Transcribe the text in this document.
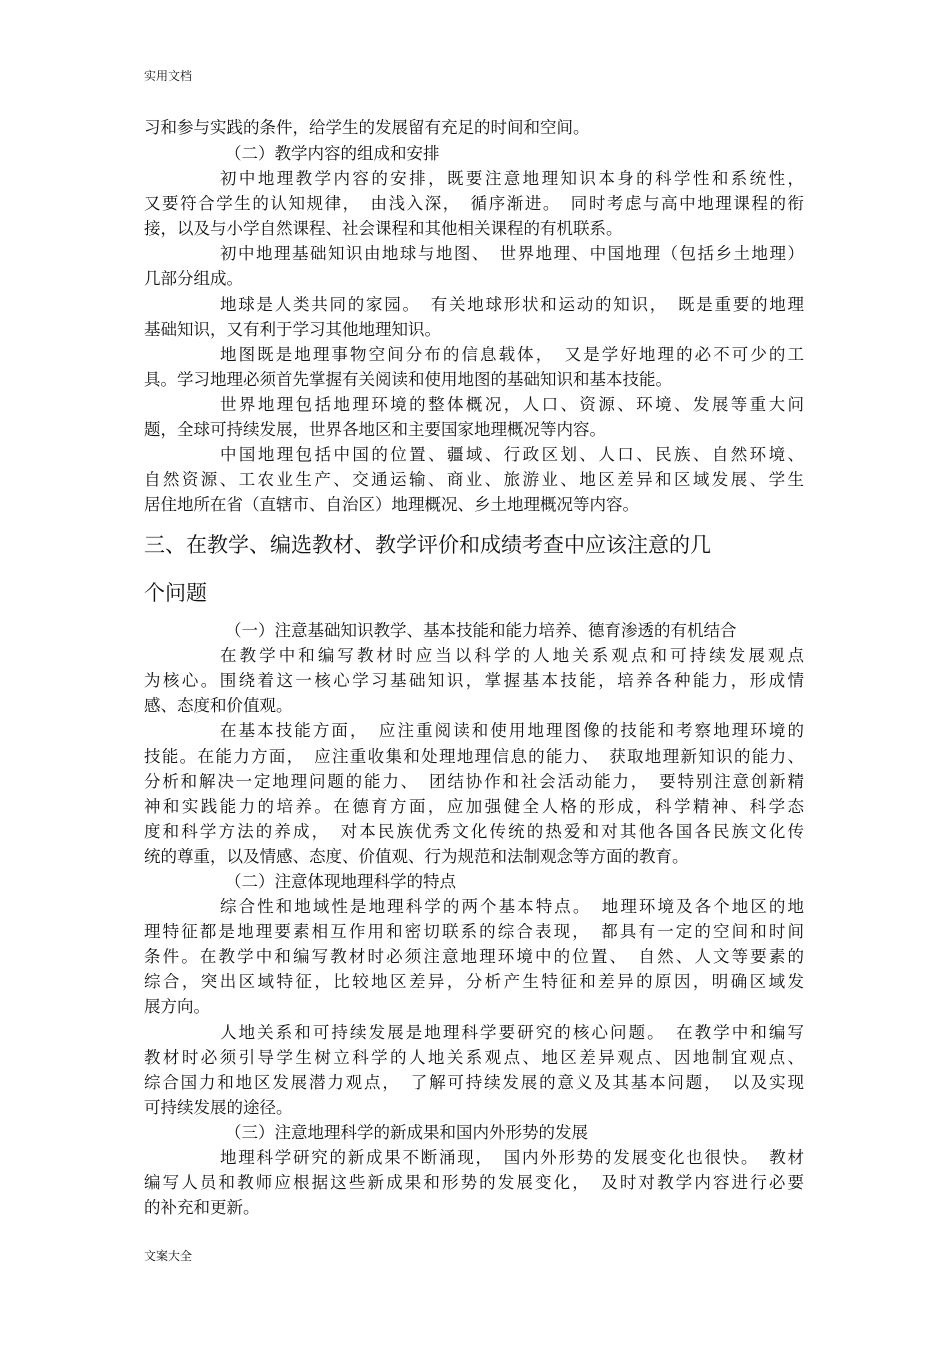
实用文档
习和参与实践的条件，给学生的发展留有充足的时间和空间。
（二）教学内容的组成和安排
初中地理教学内容的安排，既要注意地理知识本身的科学性和系统性，
又要符合学生的认知规律，　由浅入深，　循序渐进。　同时考虑与高中地理课程的衔
接，以及与小学自然课程、社会课程和其他相关课程的有机联系。
初中地理基础知识由地球与地图、　世界地理、中国地理（包括乡土地理）
几部分组成。
地球是人类共同的家园。　有关地球形状和运动的知识，　既是重要的地理
基础知识，又有利于学习其他地理知识。
地图既是地理事物空间分布的信息载体，　又是学好地理的必不可少的工
具。学习地理必须首先掌握有关阅读和使用地图的基础知识和基本技能。
世界地理包括地理环境的整体概况，人口、资源、环境、发展等重大问
题，全球可持续发展，世界各地区和主要国家地理概况等内容。
中国地理包括中国的位置、疆域、行政区划、人口、民族、自然环境、
自然资源、工农业生产、交通运输、商业、旅游业、地区差异和区域发展、学生
居住地所在省（直辖市、自治区）地理概况、乡土地理概况等内容。
三、在教学、编选教材、教学评价和成绩考查中应该注意的几
个问题
（一）注意基础知识教学、基本技能和能力培养、德育渗透的有机结合
在教学中和编写教材时应当以科学的人地关系观点和可持续发展观点
为核心。围绕着这一核心学习基础知识，掌握基本技能，培养各种能力，形成情
感、态度和价值观。
在基本技能方面，　应注重阅读和使用地理图像的技能和考察地理环境的
技能。在能力方面，　应注重收集和处理地理信息的能力、　获取地理新知识的能力、
分析和解决一定地理问题的能力、　团结协作和社会活动能力，　要特别注意创新精
神和实践能力的培养。在德育方面，应加强健全人格的形成，科学精神、科学态
度和科学方法的养成，　对本民族优秀文化传统的热爱和对其他各国各民族文化传
统的尊重，以及情感、态度、价值观、行为规范和法制观念等方面的教育。
（二）注意体现地理科学的特点
综合性和地域性是地理科学的两个基本特点。　地理环境及各个地区的地
理特征都是地理要素相互作用和密切联系的综合表现，　都具有一定的空间和时间
条件。在教学中和编写教材时必须注意地理环境中的位置、　自然、人文等要素的
综合，突出区域特征，比较地区差异，分析产生特征和差异的原因，明确区域发
展方向。
人地关系和可持续发展是地理科学要研究的核心问题。　在教学中和编写
教材时必须引导学生树立科学的人地关系观点、地区差异观点、因地制宜观点、
综合国力和地区发展潜力观点，　了解可持续发展的意义及其基本问题，　以及实现
可持续发展的途径。
（三）注意地理科学的新成果和国内外形势的发展
地理科学研究的新成果不断涌现，　国内外形势的发展变化也很快。　教材
编写人员和教师应根据这些新成果和形势的发展变化，　及时对教学内容进行必要
的补充和更新。
文案大全
